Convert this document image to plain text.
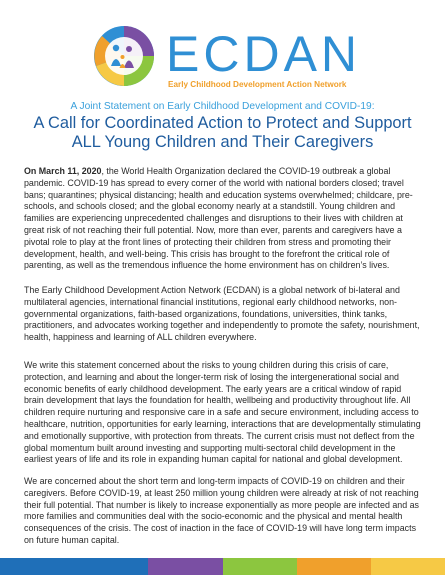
ECDAN
Early Childhood Development Action Network
A Joint Statement on Early Childhood Development and COVID-19:
A Call for Coordinated Action to Protect and Support
ALL Young Children and Their Caregivers

On March 11, 2020, the World Health Organization declared the COVID-19 outbreak a global pandemic. COVID-19 has spread to every corner of the world with national borders closed; travel bans; quarantines; physical distancing; health and education systems overwhelmed; childcare, pre-schools, and schools closed; and the global economy nearly at a standstill. Young children and families are experiencing unprecedented challenges and disruptions to their lives with children at great risk of not reaching their full potential. Now, more than ever, parents and caregivers have a pivotal role to play at the front lines of protecting their children from stress and promoting their development, health, and well-being. This crisis has brought to the forefront the critical role of parenting, as well as the tremendous influence the home environment has on children’s lives.

The Early Childhood Development Action Network (ECDAN) is a global network of bi-lateral and multilateral agencies, international financial institutions, regional early childhood networks, non-governmental organizations, faith-based organizations, foundations, universities, think tanks, practitioners, and advocates working together and independently to promote the safety, nourishment, health, happiness and learning of ALL children everywhere.

We write this statement concerned about the risks to young children during this crisis of care, protection, and learning and about the longer-term risk of losing the intergenerational social and economic benefits of early childhood development. The early years are a critical window of rapid brain development that lays the foundation for health, wellbeing and productivity throughout life. All children require nurturing and responsive care in a safe and secure environment, including access to healthcare, nutrition, opportunities for early learning, interactions that are developmentally stimulating and emotionally supportive, with protection from threats. The current crisis must not deflect from the global momentum built around investing and supporting multi-sectoral child development in the earliest years of life and its role in expanding human capital for national and global development.

We are concerned about the short term and long-term impacts of COVID-19 on children and their caregivers. Before COVID-19, at least 250 million young children were already at risk of not reaching their full potential. That number is likely to increase exponentially as more people are infected and as more families and communities deal with the socio-economic and the physical and mental health consequences of the crisis. The cost of inaction in the face of COVID-19 will have long term impacts on future human capital.
